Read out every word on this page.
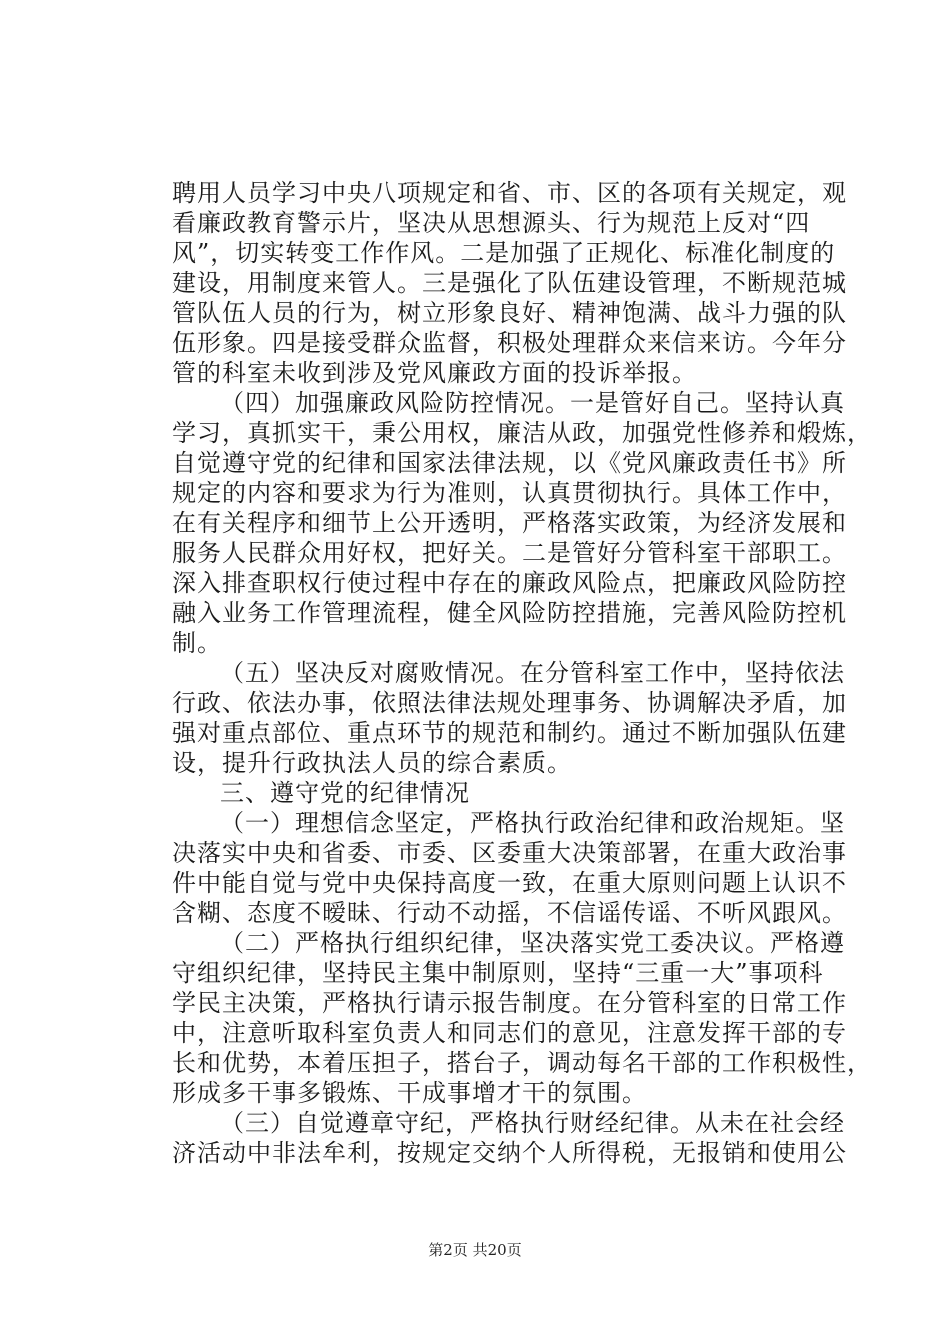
聘用人员学习中央八项规定和省、市、区的各项有关规定，观
看廉政教育警示片，坚决从思想源头、行为规范上反对“四
风”，切实转变工作作风。二是加强了正规化、标准化制度的
建设，用制度来管人。三是强化了队伍建设管理，不断规范城
管队伍人员的行为，树立形象良好、精神饱满、战斗力强的队
伍形象。四是接受群众监督，积极处理群众来信来访。今年分
管的科室未收到涉及党风廉政方面的投诉举报。
（四）加强廉政风险防控情况。一是管好自己。坚持认真
学习，真抓实干，秉公用权，廉洁从政，加强党性修养和煅炼，
自觉遵守党的纪律和国家法律法规，以《党风廉政责任书》所
规定的内容和要求为行为准则，认真贯彻执行。具体工作中，
在有关程序和细节上公开透明，严格落实政策，为经济发展和
服务人民群众用好权，把好关。二是管好分管科室干部职工。
深入排查职权行使过程中存在的廉政风险点，把廉政风险防控
融入业务工作管理流程，健全风险防控措施，完善风险防控机
制。
（五）坚决反对腐败情况。在分管科室工作中，坚持依法
行政、依法办事，依照法律法规处理事务、协调解决矛盾，加
强对重点部位、重点环节的规范和制约。通过不断加强队伍建
设，提升行政执法人员的综合素质。
三、遵守党的纪律情况
（一）理想信念坚定，严格执行政治纪律和政治规矩。坚
决落实中央和省委、市委、区委重大决策部署，在重大政治事
件中能自觉与党中央保持高度一致，在重大原则问题上认识不
含糊、态度不暧昧、行动不动摇，不信谣传谣、不听风跟风。
（二）严格执行组织纪律，坚决落实党工委决议。严格遵
守组织纪律，坚持民主集中制原则，坚持“三重一大”事项科
学民主决策，严格执行请示报告制度。在分管科室的日常工作
中，注意听取科室负责人和同志们的意见，注意发挥干部的专
长和优势，本着压担子，搭台子，调动每名干部的工作积极性，
形成多干事多锻炼、干成事增才干的氛围。
（三）自觉遵章守纪，严格执行财经纪律。从未在社会经
济活动中非法牟利，按规定交纳个人所得税，无报销和使用公
第2页 共20页
